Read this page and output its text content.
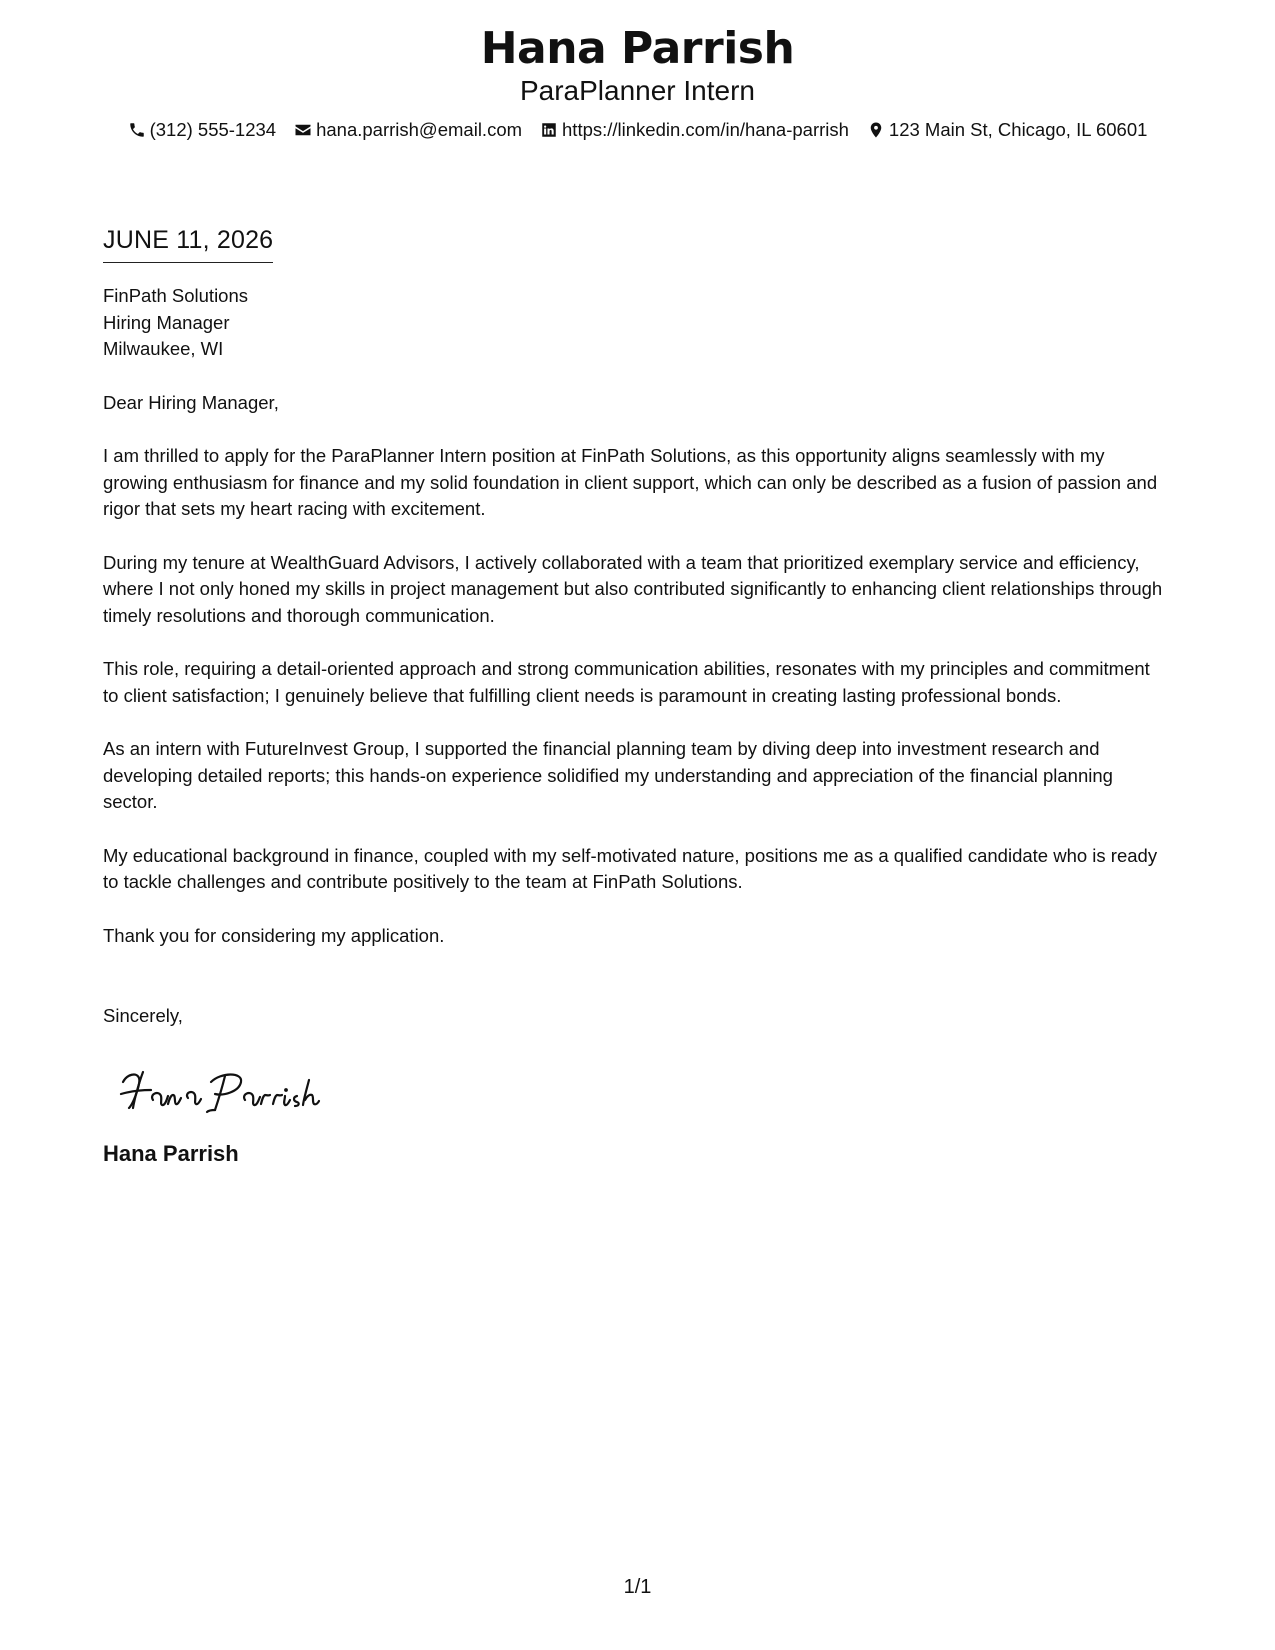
Hana Parrish
ParaPlanner Intern
(312) 555-1234 hana.parrish@email.com https://linkedin.com/in/hana-parrish 123 Main St, Chicago, IL 60601
JUNE 11, 2026
FinPath Solutions
Hiring Manager
Milwaukee, WI
Dear Hiring Manager,
I am thrilled to apply for the ParaPlanner Intern position at FinPath Solutions, as this opportunity aligns seamlessly with my growing enthusiasm for finance and my solid foundation in client support, which can only be described as a fusion of passion and rigor that sets my heart racing with excitement.
During my tenure at WealthGuard Advisors, I actively collaborated with a team that prioritized exemplary service and efficiency, where I not only honed my skills in project management but also contributed significantly to enhancing client relationships through timely resolutions and thorough communication.
This role, requiring a detail-oriented approach and strong communication abilities, resonates with my principles and commitment to client satisfaction; I genuinely believe that fulfilling client needs is paramount in creating lasting professional bonds.
As an intern with FutureInvest Group, I supported the financial planning team by diving deep into investment research and developing detailed reports; this hands-on experience solidified my understanding and appreciation of the financial planning sector.
My educational background in finance, coupled with my self-motivated nature, positions me as a qualified candidate who is ready to tackle challenges and contribute positively to the team at FinPath Solutions.
Thank you for considering my application.
Sincerely,
Hana Parrish
1/1
